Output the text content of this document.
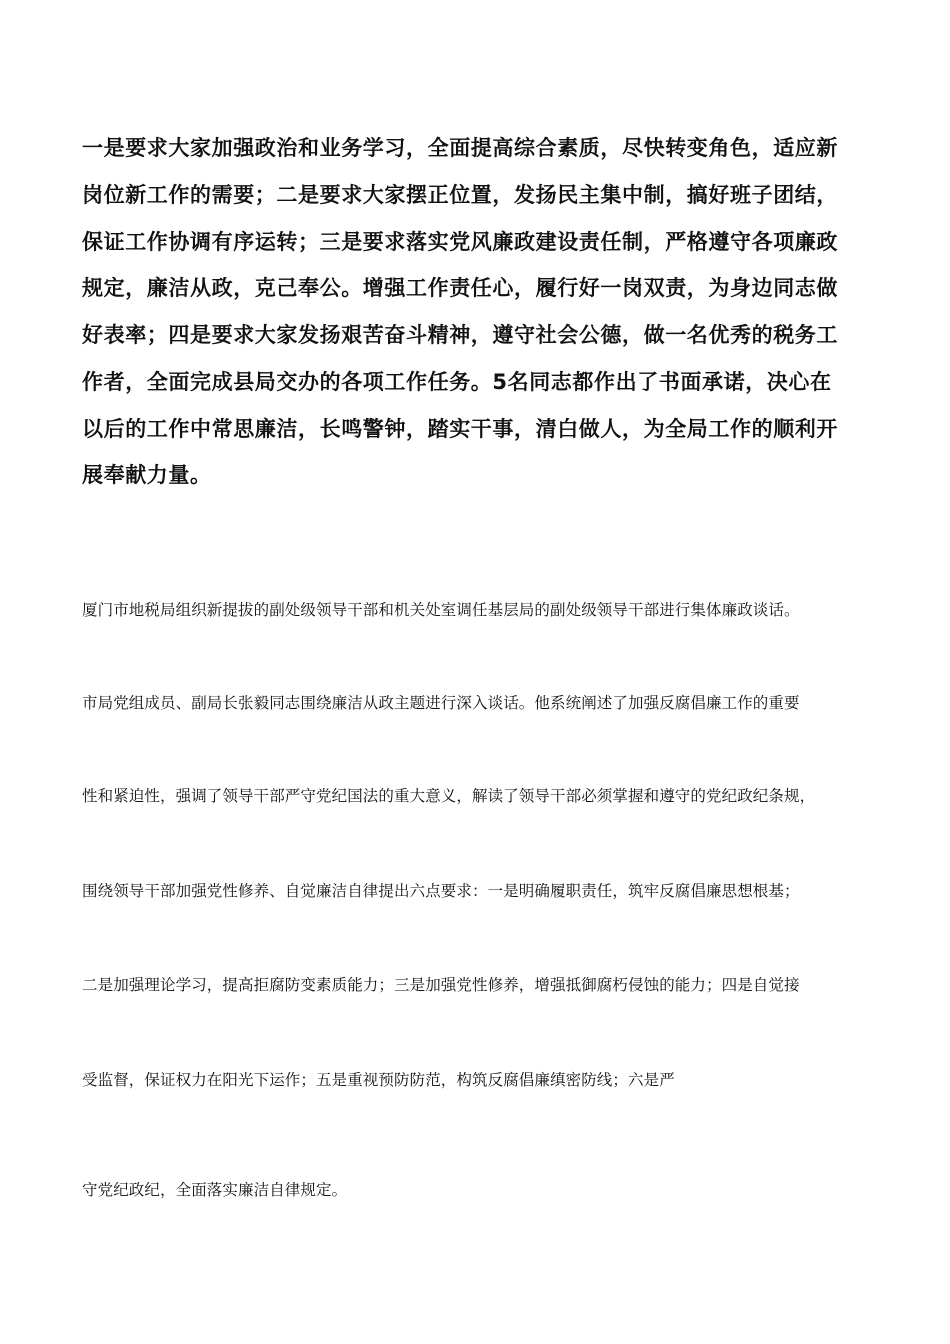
一是要求大家加强政治和业务学习，全面提高综合素质，尽快转变角色，适应新
岗位新工作的需要；二是要求大家摆正位置，发扬民主集中制，搞好班子团结，
保证工作协调有序运转；三是要求落实党风廉政建设责任制，严格遵守各项廉政
规定，廉洁从政，克己奉公。增强工作责任心，履行好一岗双责，为身边同志做
好表率；四是要求大家发扬艰苦奋斗精神，遵守社会公德，做一名优秀的税务工
作者，全面完成县局交办的各项工作任务。5名同志都作出了书面承诺，决心在
以后的工作中常思廉洁，长鸣警钟，踏实干事，清白做人，为全局工作的顺利开
展奉献力量。
厦门市地税局组织新提拔的副处级领导干部和机关处室调任基层局的副处级领导干部进行集体廉政谈话。
市局党组成员、副局长张毅同志围绕廉洁从政主题进行深入谈话。他系统阐述了加强反腐倡廉工作的重要
性和紧迫性，强调了领导干部严守党纪国法的重大意义，解读了领导干部必须掌握和遵守的党纪政纪条规，
围绕领导干部加强党性修养、自觉廉洁自律提出六点要求：一是明确履职责任，筑牢反腐倡廉思想根基；
二是加强理论学习，提高拒腐防变素质能力；三是加强党性修养，增强抵御腐朽侵蚀的能力；四是自觉接
受监督，保证权力在阳光下运作；五是重视预防防范，构筑反腐倡廉缜密防线；六是严
守党纪政纪，全面落实廉洁自律规定。
